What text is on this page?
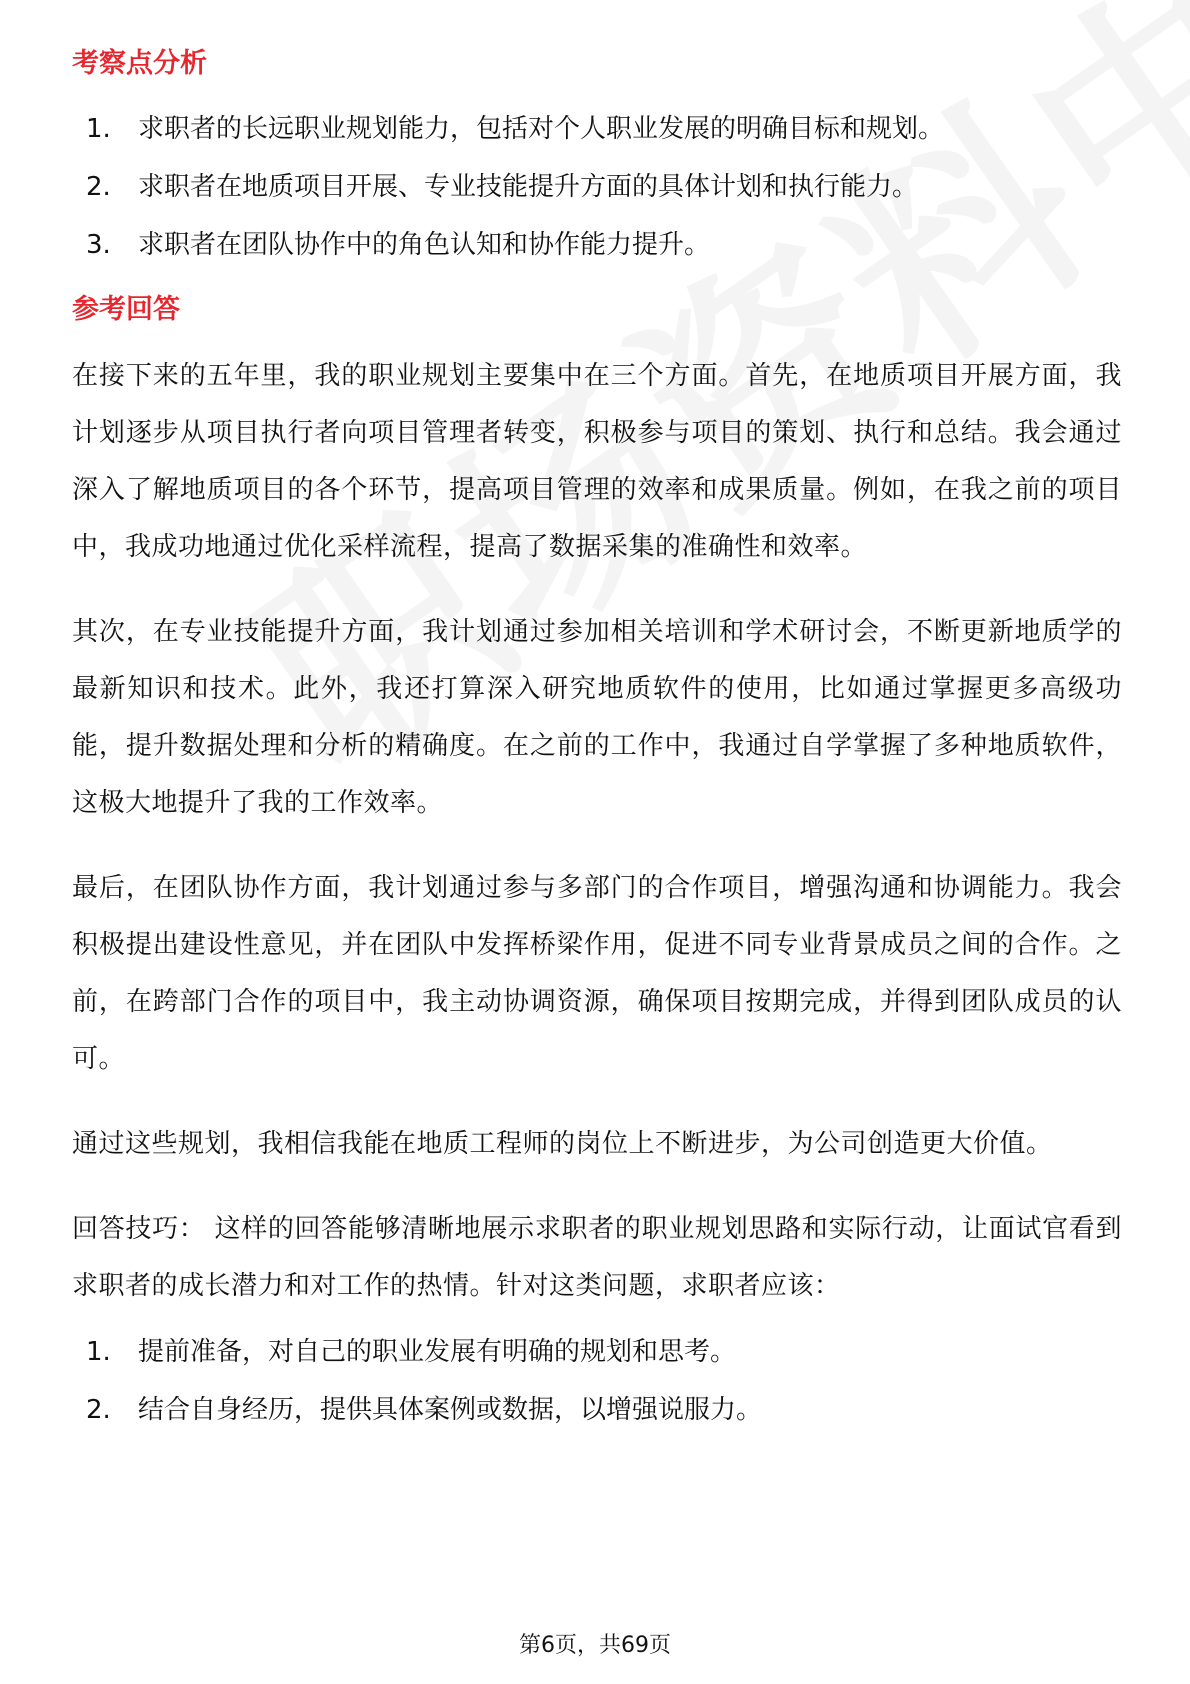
考察点分析
1.	求职者的长远职业规划能力，包括对个人职业发展的明确目标和规划。
2.	求职者在地质项目开展、专业技能提升方面的具体计划和执行能力。
3.	求职者在团队协作中的角色认知和协作能力提升。
参考回答

在接下来的五年里，我的职业规划主要集中在三个方面。首先，在地质项目开展方面，我计划逐步从项目执行者向项目管理者转变，积极参与项目的策划、执行和总结。我会通过深入了解地质项目的各个环节，提高项目管理的效率和成果质量。例如，在我之前的项目中，我成功地通过优化采样流程，提高了数据采集的准确性和效率。

其次，在专业技能提升方面，我计划通过参加相关培训和学术研讨会，不断更新地质学的最新知识和技术。此外，我还打算深入研究地质软件的使用，比如通过掌握更多高级功能，提升数据处理和分析的精确度。在之前的工作中，我通过自学掌握了多种地质软件，这极大地提升了我的工作效率。

最后，在团队协作方面，我计划通过参与多部门的合作项目，增强沟通和协调能力。我会积极提出建设性意见，并在团队中发挥桥梁作用，促进不同专业背景成员之间的合作。之前，在跨部门合作的项目中，我主动协调资源，确保项目按期完成，并得到团队成员的认可。

通过这些规划，我相信我能在地质工程师的岗位上不断进步，为公司创造更大价值。

回答技巧： 这样的回答能够清晰地展示求职者的职业规划思路和实际行动，让面试官看到求职者的成长潜力和对工作的热情。针对这类问题，求职者应该：

1.	提前准备，对自己的职业发展有明确的规划和思考。
2.	结合自身经历，提供具体案例或数据，以增强说服力。
第6页，共69页
